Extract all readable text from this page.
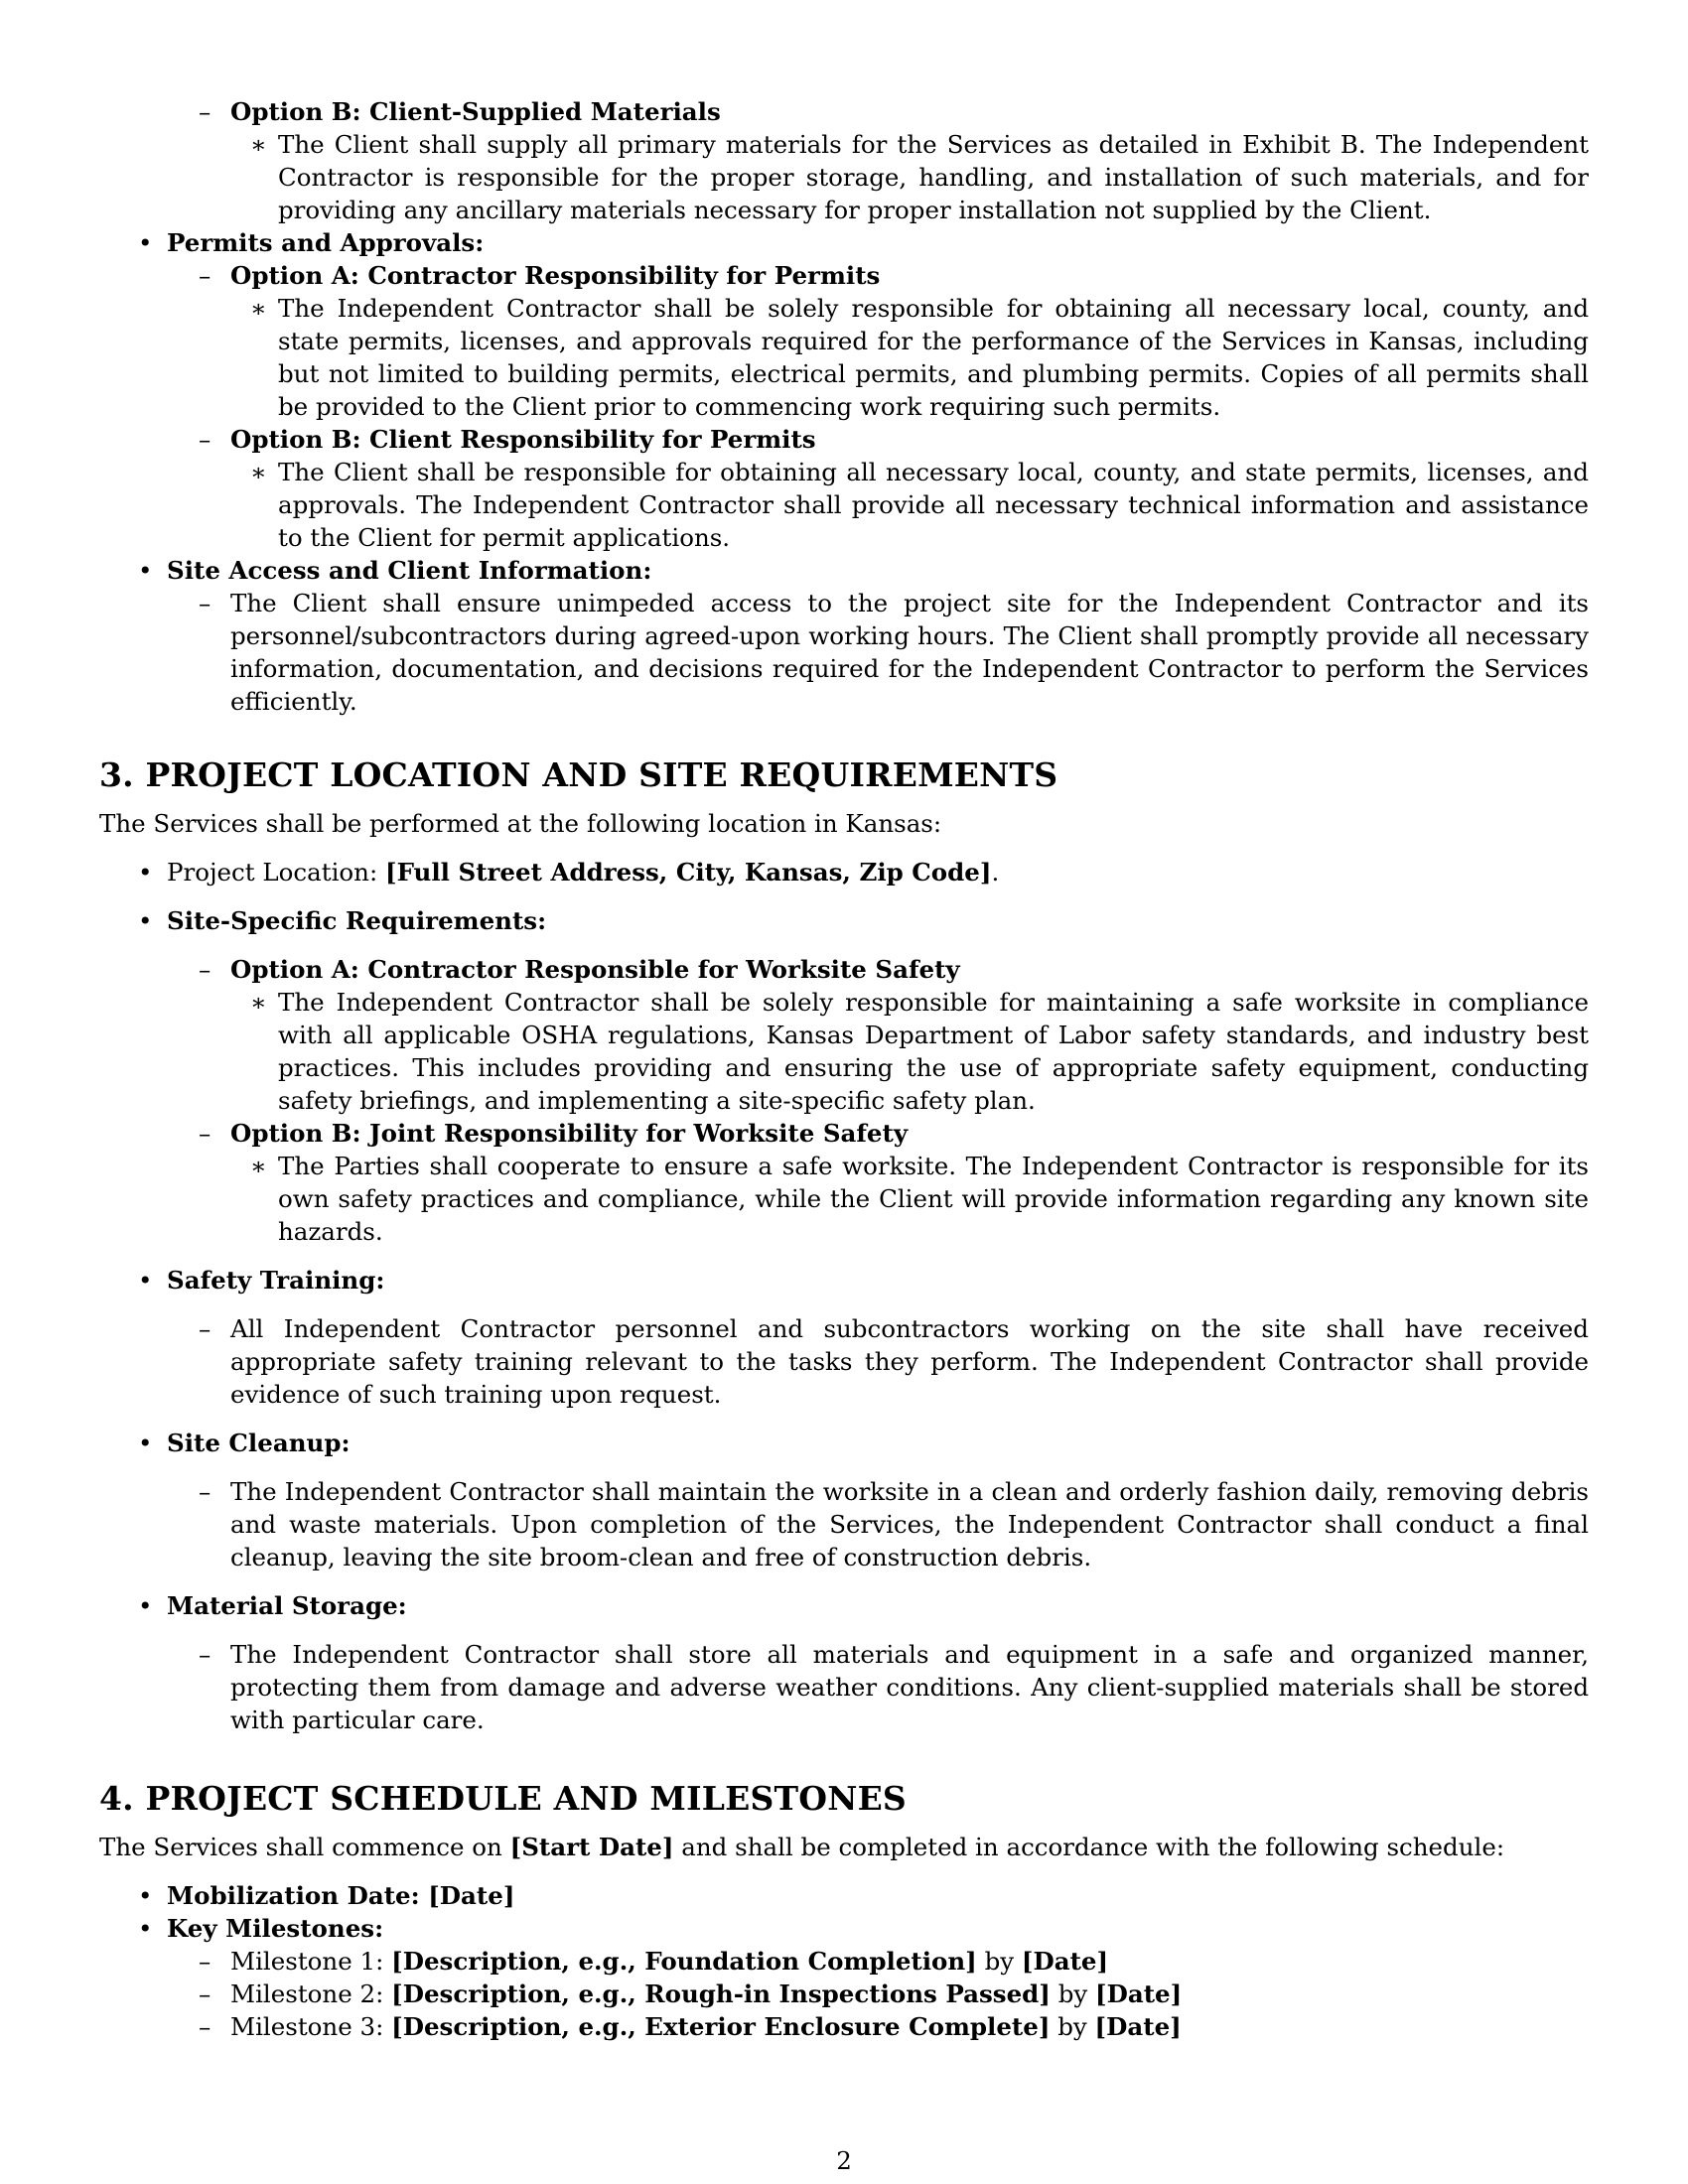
– Option B: Client-Supplied Materials
∗ The Client shall supply all primary materials for the Services as detailed in Exhibit B. The Independent Contractor is responsible for the proper storage, handling, and installation of such materials, and for providing any ancillary materials necessary for proper installation not supplied by the Client.
• Permits and Approvals:
– Option A: Contractor Responsibility for Permits
∗ The Independent Contractor shall be solely responsible for obtaining all necessary local, county, and state permits, licenses, and approvals required for the performance of the Services in Kansas, including but not limited to building permits, electrical permits, and plumbing permits. Copies of all permits shall be provided to the Client prior to commencing work requiring such permits.
– Option B: Client Responsibility for Permits
∗ The Client shall be responsible for obtaining all necessary local, county, and state permits, licenses, and approvals. The Independent Contractor shall provide all necessary technical information and assistance to the Client for permit applications.
• Site Access and Client Information:
– The Client shall ensure unimpeded access to the project site for the Independent Contractor and its personnel/subcontractors during agreed-upon working hours. The Client shall promptly provide all necessary information, documentation, and decisions required for the Independent Contractor to perform the Services efficiently.
3. PROJECT LOCATION AND SITE REQUIREMENTS
The Services shall be performed at the following location in Kansas:
• Project Location: [Full Street Address, City, Kansas, Zip Code].
• Site-Specific Requirements:
– Option A: Contractor Responsible for Worksite Safety
∗ The Independent Contractor shall be solely responsible for maintaining a safe worksite in compliance with all applicable OSHA regulations, Kansas Department of Labor safety standards, and industry best practices. This includes providing and ensuring the use of appropriate safety equipment, conducting safety briefings, and implementing a site-specific safety plan.
– Option B: Joint Responsibility for Worksite Safety
∗ The Parties shall cooperate to ensure a safe worksite. The Independent Contractor is responsible for its own safety practices and compliance, while the Client will provide information regarding any known site hazards.
• Safety Training:
– All Independent Contractor personnel and subcontractors working on the site shall have received appropriate safety training relevant to the tasks they perform. The Independent Contractor shall provide evidence of such training upon request.
• Site Cleanup:
– The Independent Contractor shall maintain the worksite in a clean and orderly fashion daily, removing debris and waste materials. Upon completion of the Services, the Independent Contractor shall conduct a final cleanup, leaving the site broom-clean and free of construction debris.
• Material Storage:
– The Independent Contractor shall store all materials and equipment in a safe and organized manner, protecting them from damage and adverse weather conditions. Any client-supplied materials shall be stored with particular care.
4. PROJECT SCHEDULE AND MILESTONES
The Services shall commence on [Start Date] and shall be completed in accordance with the following schedule:
• Mobilization Date: [Date]
• Key Milestones:
– Milestone 1: [Description, e.g., Foundation Completion] by [Date]
– Milestone 2: [Description, e.g., Rough-in Inspections Passed] by [Date]
– Milestone 3: [Description, e.g., Exterior Enclosure Complete] by [Date]
2
